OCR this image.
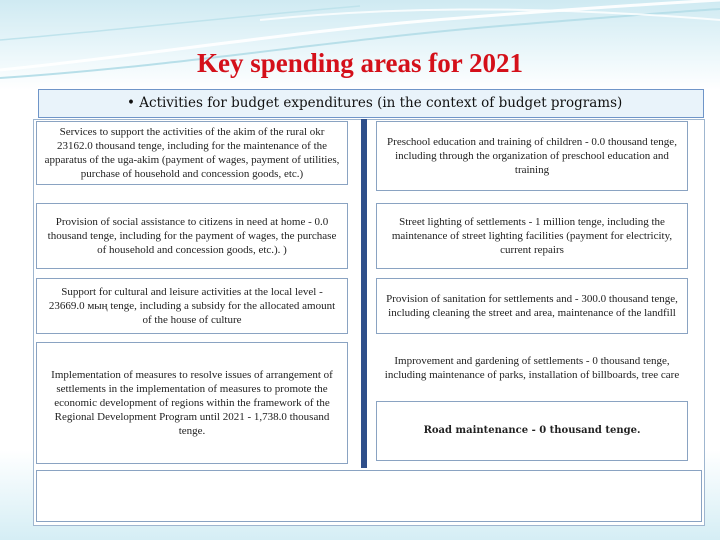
Key spending areas for 2021
• Activities for budget expenditures (in the context of budget programs)
Services to support the activities of the akim of the rural okr 23162.0 thousand tenge, including for the maintenance of the apparatus of the uga-akim (payment of wages, payment of utilities, purchase of household and concession goods, etc.)
Provision of social assistance to citizens in need at home - 0.0 thousand tenge, including for the payment of wages, the purchase of household and concession goods, etc.). )
Support for cultural and leisure activities at the local level - 23669.0 мың tenge, including a subsidy for the allocated amount of the house of culture
Implementation of measures to resolve issues of arrangement of settlements in the implementation of measures to promote the economic development of regions within the framework of the Regional Development Program until 2021 - 1,738.0 thousand tenge.
Preschool education and training of children - 0.0 thousand tenge, including through the organization of preschool education and training
Street lighting of settlements - 1 million tenge, including the maintenance of street lighting facilities (payment for electricity, current repairs
Provision of sanitation for settlements and - 300.0 thousand tenge, including cleaning the street and area, maintenance of the landfill
Improvement and gardening of settlements - 0 thousand tenge, including maintenance of parks, installation of billboards, tree care
Road maintenance - 0 thousand tenge.
